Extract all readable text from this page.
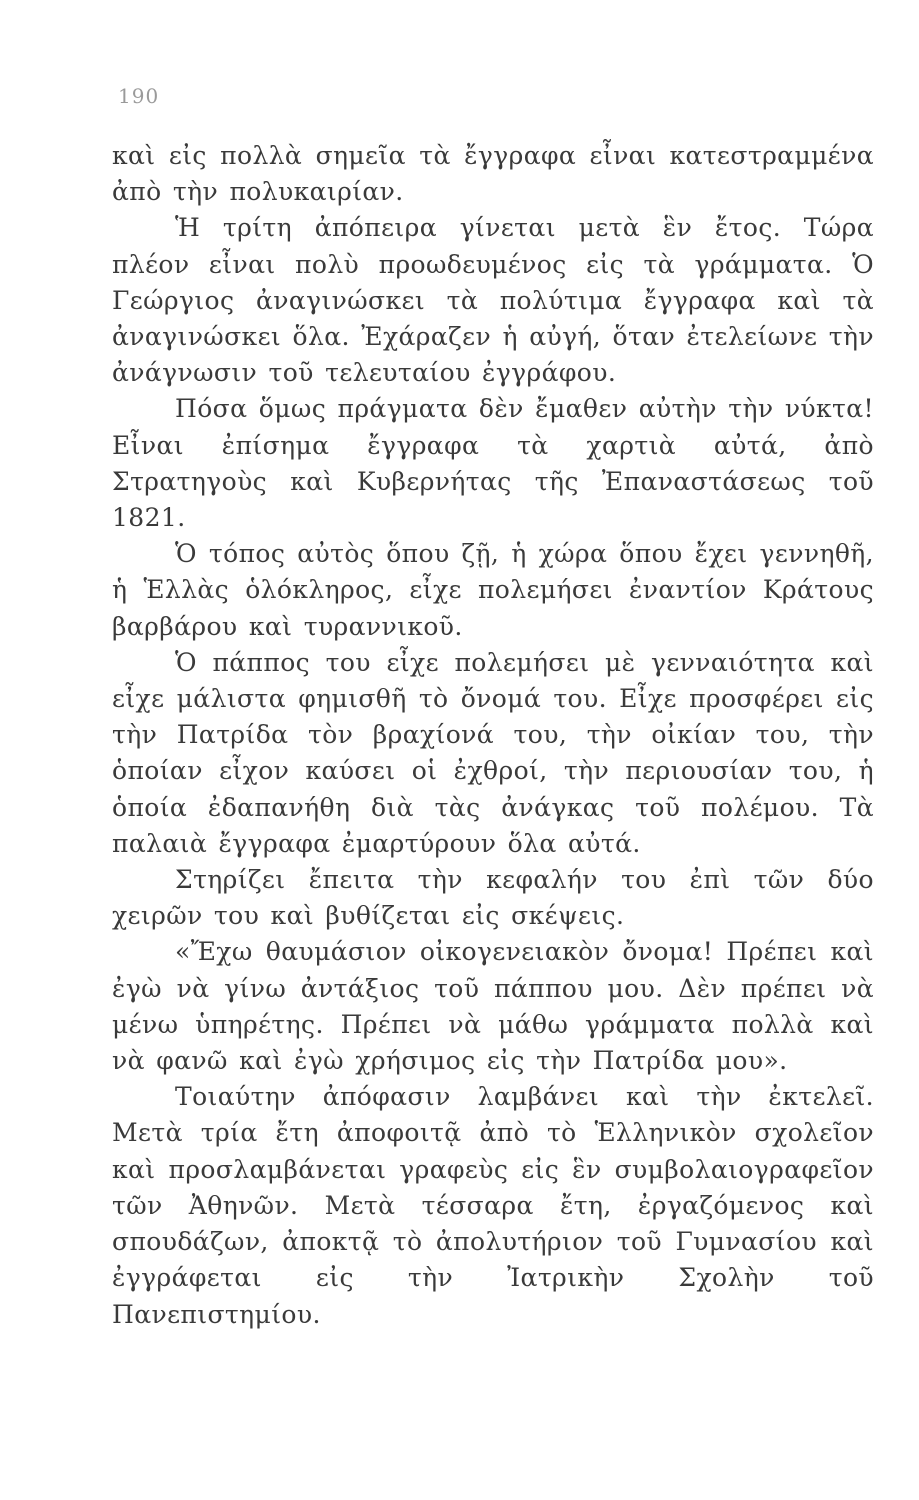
190

καὶ εἰς πολλὰ σημεῖα τὰ ἔγγραφα εἶναι κατεστραμμένα ἀπὸ τὴν πολυκαιρίαν.

Ἡ τρίτη ἀπόπειρα γίνεται μετὰ ἓν ἔτος. Τώρα πλέον εἶναι πολὺ προωδευμένος εἰς τὰ γράμματα. Ὁ Γεώργιος ἀναγινώσκει τὰ πολύτιμα ἔγγραφα καὶ τὰ ἀναγινώσκει ὅλα. Ἐχάραζεν ἡ αὐγή, ὅταν ἐτελείωνε τὴν ἀνάγνωσιν τοῦ τελευταίου ἐγγράφου.

Πόσα ὅμως πράγματα δὲν ἔμαθεν αὐτὴν τὴν νύκτα! Εἶναι ἐπίσημα ἔγγραφα τὰ χαρτιὰ αὐτά, ἀπὸ Στρατηγοὺς καὶ Κυβερνήτας τῆς Ἐπαναστάσεως τοῦ 1821.

Ὁ τόπος αὐτὸς ὅπου ζῇ, ἡ χώρα ὅπου ἔχει γεννηθῆ, ἡ Ἑλλὰς ὁλόκληρος, εἶχε πολεμήσει ἐναντίον Κράτους βαρβάρου καὶ τυραννικοῦ.

Ὁ πάππος του εἶχε πολεμήσει μὲ γενναιότητα καὶ εἶχε μάλιστα φημισθῆ τὸ ὄνομά του. Εἶχε προσφέρει εἰς τὴν Πατρίδα τὸν βραχίονά του, τὴν οἰκίαν του, τὴν ὁποίαν εἶχον καύσει οἱ ἐχθροί, τὴν περιουσίαν του, ἡ ὁποία ἐδαπανήθη διὰ τὰς ἀνάγκας τοῦ πολέμου. Τὰ παλαιὰ ἔγγραφα ἐμαρτύρουν ὅλα αὐτά.

Στηρίζει ἔπειτα τὴν κεφαλήν του ἐπὶ τῶν δύο χειρῶν του καὶ βυθίζεται εἰς σκέψεις.

«Ἔχω θαυμάσιον οἰκογενειακὸν ὄνομα! Πρέπει καὶ ἐγὼ νὰ γίνω ἀντάξιος τοῦ πάππου μου. Δὲν πρέπει νὰ μένω ὑπηρέτης. Πρέπει νὰ μάθω γράμματα πολλὰ καὶ νὰ φανῶ καὶ ἐγὼ χρήσιμος εἰς τὴν Πατρίδα μου».

Τοιαύτην ἀπόφασιν λαμβάνει καὶ τὴν ἐκτελεῖ. Μετὰ τρία ἔτη ἀποφοιτᾷ ἀπὸ τὸ Ἑλληνικὸν σχολεῖον καὶ προσλαμβάνεται γραφεὺς εἰς ἓν συμβολαιογραφεῖον τῶν Ἀθηνῶν. Μετὰ τέσσαρα ἔτη, ἐργαζόμενος καὶ σπουδάζων, ἀποκτᾷ τὸ ἀπολυτήριον τοῦ Γυμνασίου καὶ ἐγγράφεται εἰς τὴν Ἰατρικὴν Σχολὴν τοῦ Πανεπιστημίου.
